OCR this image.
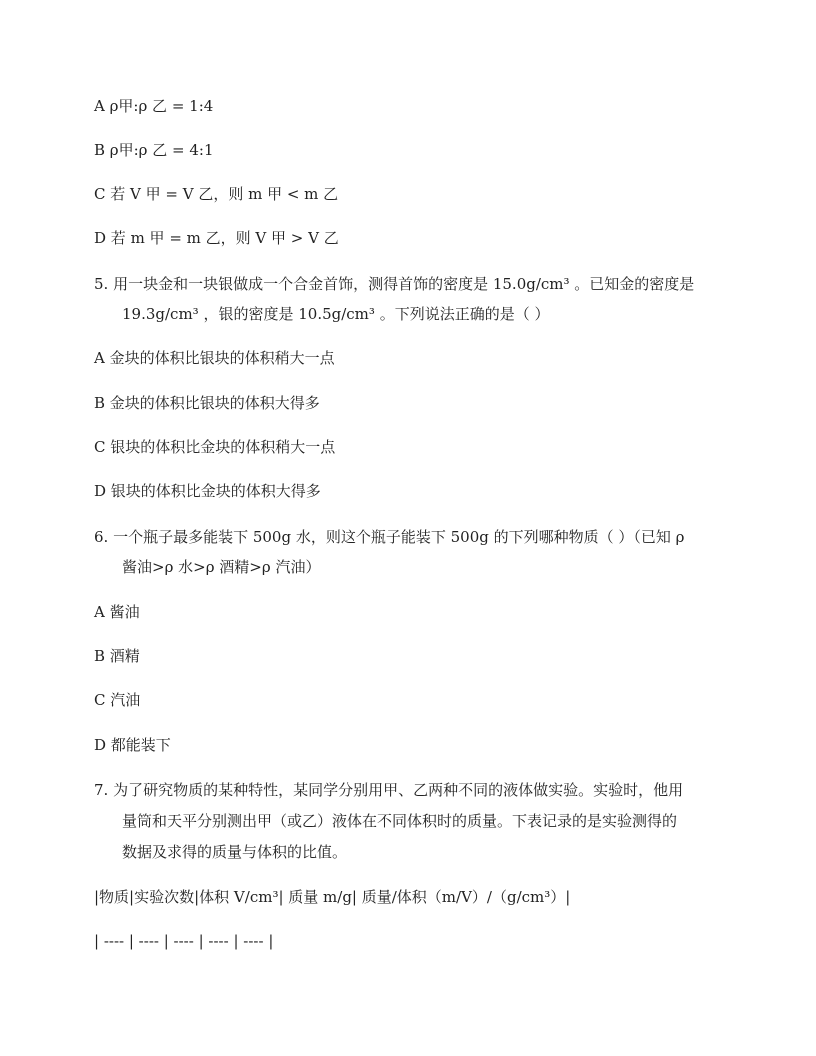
A ρ甲:ρ 乙 = 1:4
B ρ甲:ρ 乙 = 4:1
C 若 V 甲 = V 乙，则 m 甲 < m 乙
D 若 m 甲 = m 乙，则 V 甲 > V 乙
5. 用一块金和一块银做成一个合金首饰，测得首饰的密度是 15.0g/cm³ 。已知金的密度是
19.3g/cm³ ，银的密度是 10.5g/cm³ 。下列说法正确的是（ ）
A 金块的体积比银块的体积稍大一点
B 金块的体积比银块的体积大得多
C 银块的体积比金块的体积稍大一点
D 银块的体积比金块的体积大得多
6. 一个瓶子最多能装下 500g 水，则这个瓶子能装下 500g 的下列哪种物质（ ）（已知 ρ
酱油>ρ 水>ρ 酒精>ρ 汽油）
A 酱油
B 酒精
C 汽油
D 都能装下
7. 为了研究物质的某种特性，某同学分别用甲、乙两种不同的液体做实验。实验时，他用
量筒和天平分别测出甲（或乙）液体在不同体积时的质量。下表记录的是实验测得的
数据及求得的质量与体积的比值。
|物质|实验次数|体积 V/cm³| 质量 m/g| 质量/体积（m/V）/（g/cm³）|
| ---- | ---- | ---- | ---- | ---- |
